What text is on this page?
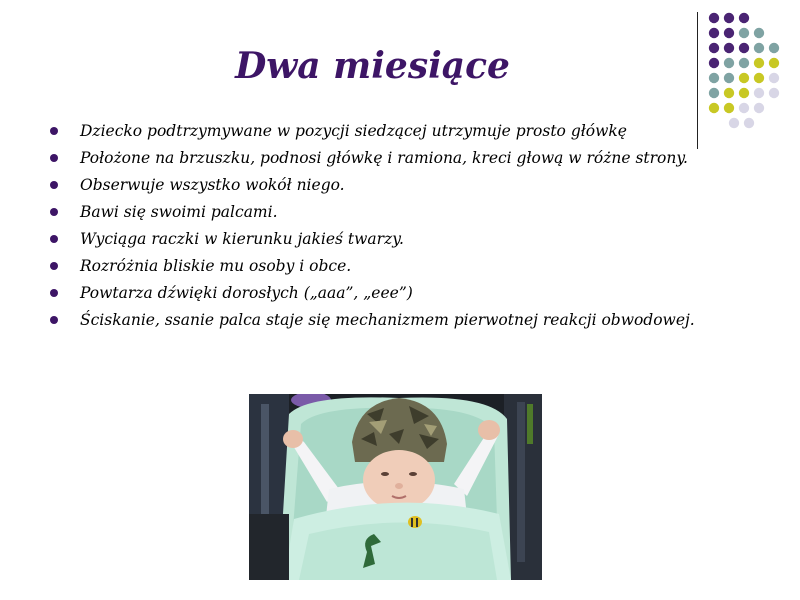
Dwa miesiące
Dziecko podtrzymywane w pozycji siedzącej utrzymuje prosto główkę
Położone na brzuszku, podnosi główkę i ramiona, kreci głową w różne strony.
Obserwuje wszystko wokół niego.
Bawi się swoimi palcami.
Wyciąga raczki w kierunku jakieś twarzy.
Rozróżnia bliskie mu osoby i obce.
Powtarza dźwięki dorosłych („aaa”, „eee”)
Ściskanie, ssanie palca staje się mechanizmem pierwotnej reakcji obwodowej.
